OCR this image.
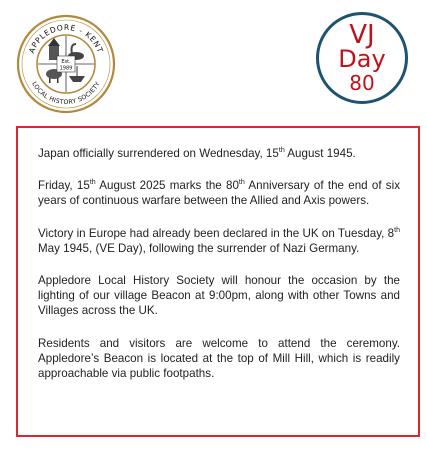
APPLEDORE - KENT
LOCAL HISTORY SOCIETY
Est.
1989
VJ
Day
80

Japan officially surrendered on Wednesday, 15th August 1945.

Friday, 15th August 2025 marks the 80th Anniversary of the end of six years of continuous warfare between the Allied and Axis powers.

Victory in Europe had already been declared in the UK on Tuesday, 8th May 1945, (VE Day), following the surrender of Nazi Germany.

Appledore Local History Society will honour the occasion by the lighting of our village Beacon at 9:00pm, along with other Towns and Villages across the UK.

Residents and visitors are welcome to attend the ceremony. Appledore’s Beacon is located at the top of Mill Hill, which is readily approachable via public footpaths.
